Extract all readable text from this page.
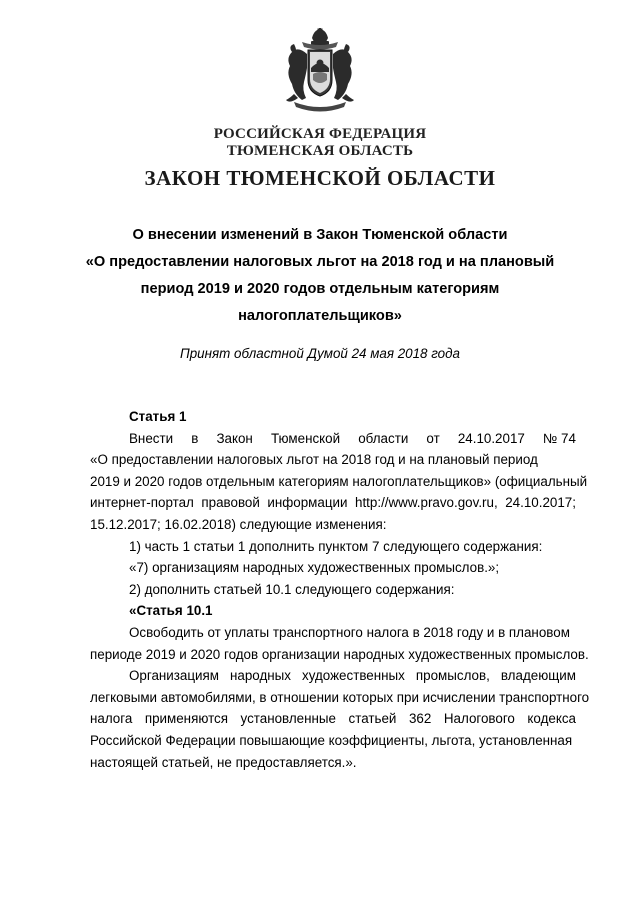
РОССИЙСКАЯ ФЕДЕРАЦИЯ
ТЮМЕНСКАЯ ОБЛАСТЬ
ЗАКОН ТЮМЕНСКОЙ ОБЛАСТИ
О внесении изменений в Закон Тюменской области
«О предоставлении налоговых льгот на 2018 год и на плановый
период 2019 и 2020 годов отдельным категориям
налогоплательщиков»
Принят областной Думой 24 мая 2018 года
Статья 1
Внести в Закон Тюменской области от 24.10.2017 № 74
«О предоставлении налоговых льгот на 2018 год и на плановый период
2019 и 2020 годов отдельным категориям налогоплательщиков» (официальный
интернет-портал правовой информации http://www.pravo.gov.ru, 24.10.2017;
15.12.2017; 16.02.2018) следующие изменения:
1) часть 1 статьи 1 дополнить пунктом 7 следующего содержания:
«7) организациям народных художественных промыслов.»;
2) дополнить статьей 10.1 следующего содержания:
«Статья 10.1
Освободить от уплаты транспортного налога в 2018 году и в плановом
периоде 2019 и 2020 годов организации народных художественных промыслов.
Организациям народных художественных промыслов, владеющим
легковыми автомобилями, в отношении которых при исчислении транспортного
налога применяются установленные статьей 362 Налогового кодекса
Российской Федерации повышающие коэффициенты, льгота, установленная
настоящей статьей, не предоставляется.».
